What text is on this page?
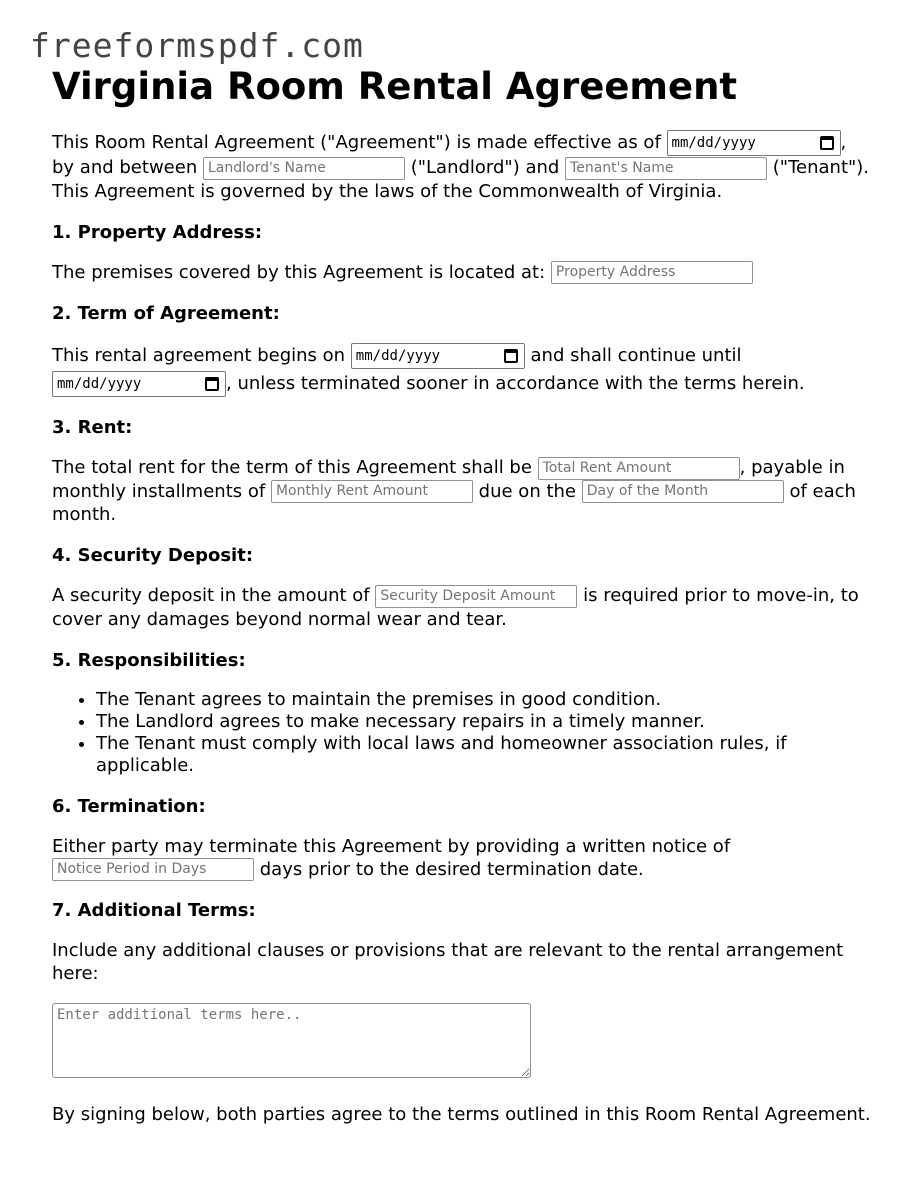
freeformspdf.com
Virginia Room Rental Agreement

This Room Rental Agreement ("Agreement") is made effective as of mm/dd/yyyy	,
by and between Landlord's Name	("Landlord") and Tenant's Name	("Tenant").
This Agreement is governed by the laws of the Commonwealth of Virginia.

1. Property Address:

The premises covered by this Agreement is located at: Property Address

2. Term of Agreement:

This rental agreement begins on mm/dd/yyyy	and shall continue until

mm/dd/yyyy	, unless terminated sooner in accordance with the terms herein.

3. Rent:

The total rent for the term of this Agreement shall be Total Rent Amount	, payable in
monthly installments of Monthly Rent Amount	due on the Day of the Month	of each
month.

4. Security Deposit:

A security deposit in the amount of Security Deposit Amount is required prior to move-in, to
cover any damages beyond normal wear and tear.

5. Responsibilities:
• The Tenant agrees to maintain the premises in good condition.
• The Landlord agrees to make necessary repairs in a timely manner.
• The Tenant must comply with local laws and homeowner association rules, if applicable.
6. Termination:

Either party may terminate this Agreement by providing a written notice of
Notice Period in Days	days prior to the desired termination date.

7. Additional Terms:

Include any additional clauses or provisions that are relevant to the rental arrangement here:

Enter additional terms here..

By signing below, both parties agree to the terms outlined in this Room Rental Agreement.
